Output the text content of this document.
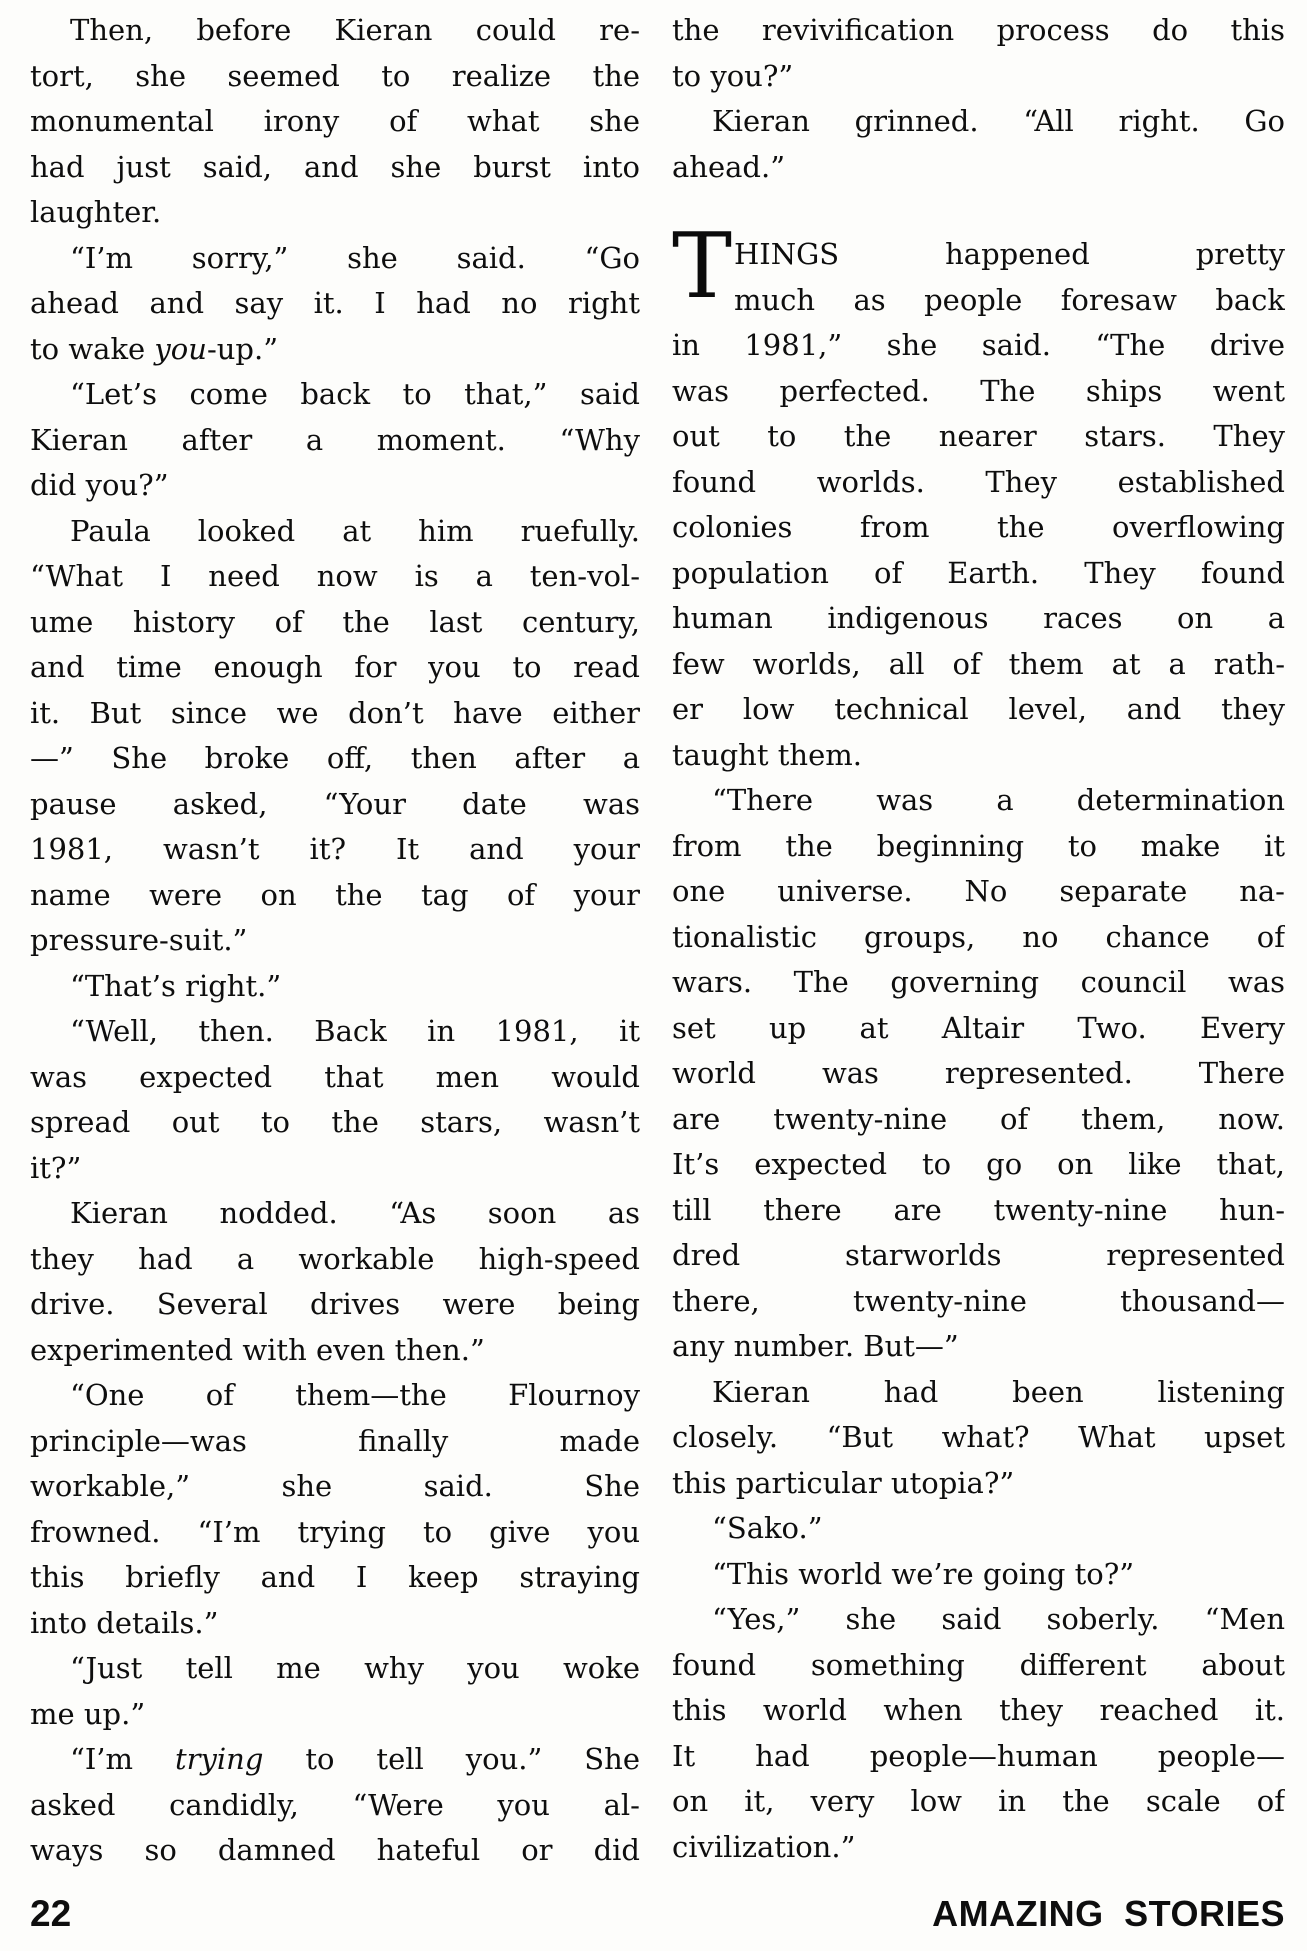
Then, before Kieran could re-
tort, she seemed to realize the
monumental irony of what she
had just said, and she burst into
laughter.
“I’m sorry,” she said. “Go
ahead and say it. I had no right
to wake you-up.”
“Let’s come back to that,” said
Kieran after a moment. “Why
did you?”
Paula looked at him ruefully.
“What I need now is a ten-vol-
ume history of the last century,
and time enough for you to read
it. But since we don’t have either
—” She broke off, then after a
pause asked, “Your date was
1981, wasn’t it? It and your
name were on the tag of your
pressure-suit.”
“That’s right.”
“Well, then. Back in 1981, it
was expected that men would
spread out to the stars, wasn’t
it?”
Kieran nodded. “As soon as
they had a workable high-speed
drive. Several drives were being
experimented with even then.”
“One of them—the Flournoy
principle—was finally made
workable,” she said. She
frowned. “I’m trying to give you
this briefly and I keep straying
into details.”
“Just tell me why you woke
me up.”
“I’m trying to tell you.” She
asked candidly, “Were you al-
ways so damned hateful or did
T
the revivification process do this
to you?”
Kieran grinned. “All right. Go
ahead.”
HINGS happened pretty
much as people foresaw back
in 1981,” she said. “The drive
was perfected. The ships went
out to the nearer stars. They
found worlds. They established
colonies from the overflowing
population of Earth. They found
human indigenous races on a
few worlds, all of them at a rath-
er low technical level, and they
taught them.
“There was a determination
from the beginning to make it
one universe. No separate na-
tionalistic groups, no chance of
wars. The governing council was
set up at Altair Two. Every
world was represented. There
are twenty-nine of them, now.
It’s expected to go on like that,
till there are twenty-nine hun-
dred starworlds represented
there, twenty-nine thousand—
any number. But—”
Kieran had been listening
closely. “But what? What upset
this particular utopia?”
“Sako.”
“This world we’re going to?”
“Yes,” she said soberly. “Men
found something different about
this world when they reached it.
It had people—human people—
on it, very low in the scale of
civilization.”
22	AMAZING STORIES
